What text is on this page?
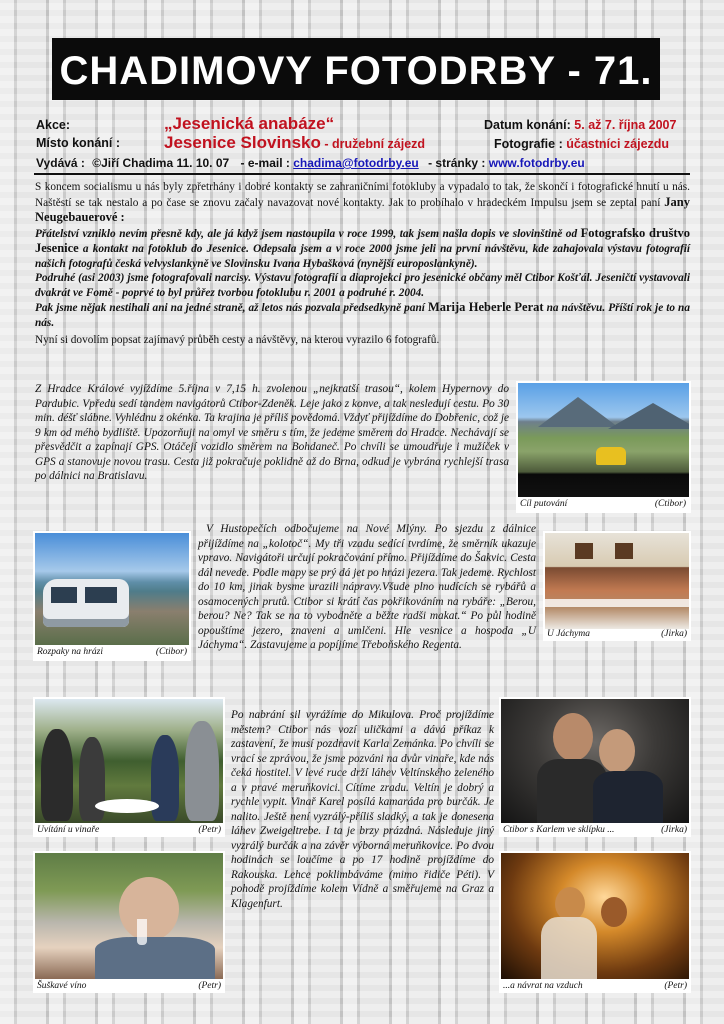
CHADIMOVY FOTODRBY - 71.
Akce:	„Jesenická anabáze“	Datum konání: 5. až 7. října 2007
Místo konání :	Jesenice Slovinsko - družební zájezd	Fotografie : účastníci zájezdu
Vydává : ©Jiří Chadima 11. 10. 07 - e-mail : chadima@fotodrby.eu - stránky : www.fotodrby.eu

S koncem socialismu u nás byly zpřetrhány i dobré kontakty se zahraničními fotokluby a vypadalo to tak, že skončí i fotografické hnutí u nás. Naštěstí se tak nestalo a po čase se znovu začaly navazovat nové kontakty. Jak to probíhalo v hradeckém Impulsu jsem se zeptal paní Jany Neugebauerové :

Přátelství vzniklo nevím přesně kdy, ale já když jsem nastoupila v roce 1999, tak jsem našla dopis ve slovinštině od Fotografsko društvo Jesenice a kontakt na fotoklub do Jesenice. Odepsala jsem a v roce 2000 jsme jeli na první návštěvu, kde zahajovala výstavu fotografií našich fotografů česká velvyslankyně ve Slovinsku Ivana Hybašková (nynější europoslankyně).

Podruhé (asi 2003) jsme fotografovali narcisy. Výstavu fotografií a diaprojekci pro jesenické občany měl Ctibor Košťál. Jeseničtí vystavovali dvakrát ve Fomě - poprvé to byl průřez tvorbou fotoklubu r. 2001 a podruhé r. 2004.

Pak jsme nějak nestihali ani na jedné straně, až letos nás pozvala předsedkyně paní Marija Heberle Perat na návštěvu. Příští rok je to na nás.

Nyní si dovolím popsat zajímavý průběh cesty a návštěvy, na kterou vyrazilo 6 fotografů.

Cíl putování	(Ctibor)
Z Hradce Králové vyjíždíme 5.října v 7,15 h. zvolenou „nejkratší trasou“, kolem Hypernovy do Pardubic. Vpředu sedí tandem navigátorů Ctibor-Zdeněk. Leje jako z konve, a tak nesledují cestu. Po 30 min. déšť slábne. Vyhlédnu z okénka. Ta krajina je příliš povědomá. Vždyť přijíždíme do Dobřenic, což je 9 km od mého bydliště. Upozorňuji na omyl ve směru s tím, že jedeme směrem do Hradce. Nechávají se přesvědčit a zapínají GPS. Otáčejí vozidlo směrem na Bohdaneč. Po chvíli se umoudřuje i mužíček v GPS a stanovuje novou trasu. Cesta již pokračuje poklidně až do Brna, odkud je vybrána rychlejší trasa po dálnici na Bratislavu.
Rozpaky na hrázi	(Ctibor)
V Hustopečích odbočujeme na Nové Mlýny. Po sjezdu z dálnice přijíždíme na „kolotoč“. My tři vzadu sedící tvrdíme, že směrník ukazuje vpravo. Navigátoři určují pokračování přímo. Přijíždíme do Šakvic. Cesta dál nevede. Podle mapy se prý dá jet po hrázi jezera. Tak jedeme. Rychlost do 10 km, jinak bysme urazili nápravy.Všude plno nudících se rybářů a osamocených prutů. Ctibor si krátí čas pokřikováním na rybáře: „Berou, berou? Ne? Tak se na to vybodněte a běžte radši makat.“ Po půl hodině opouštíme jezero, znaveni a umlčeni. Hle vesnice a hospoda „U Jáchyma“. Zastavujeme a popíjíme Třeboňského Regenta.
U Jáchyma	(Jirka)
Uvítání u vinaře	(Petr)
Po nabrání sil vyrážíme do Mikulova. Proč projíždíme městem? Ctibor nás vozí uličkami a dává příkaz k zastavení, že musí pozdravit Karla Zemánka. Po chvíli se vrací se zprávou, že jsme pozváni na dvůr vinaře, kde nás čeká hostitel. V levé ruce drží láhev Veltínského zeleného a v pravé meruňkovici. Cítíme zradu. Veltín je dobrý a rychle vypit. Vinař Karel posílá kamaráda pro burčák. Je nalito. Ještě není vyzrálý-příliš sladký, a tak je donesena láhev Zweigeltrebe. I ta je brzy prázdná. Následuje jiný vyzrálý burčák a na závěr výborná meruňkovice. Po dvou hodinách se loučíme a po 17 hodině projíždíme do Rakouska. Lehce poklimbáváme (mimo řidiče Péti). V pohodě projíždíme kolem Vídně a směřujeme na Graz a Klagenfurt.
Ctibor s Karlem ve sklípku ...	(Jirka)
Šuškavé víno	(Petr)	...a návrat na vzduch	(Petr)
